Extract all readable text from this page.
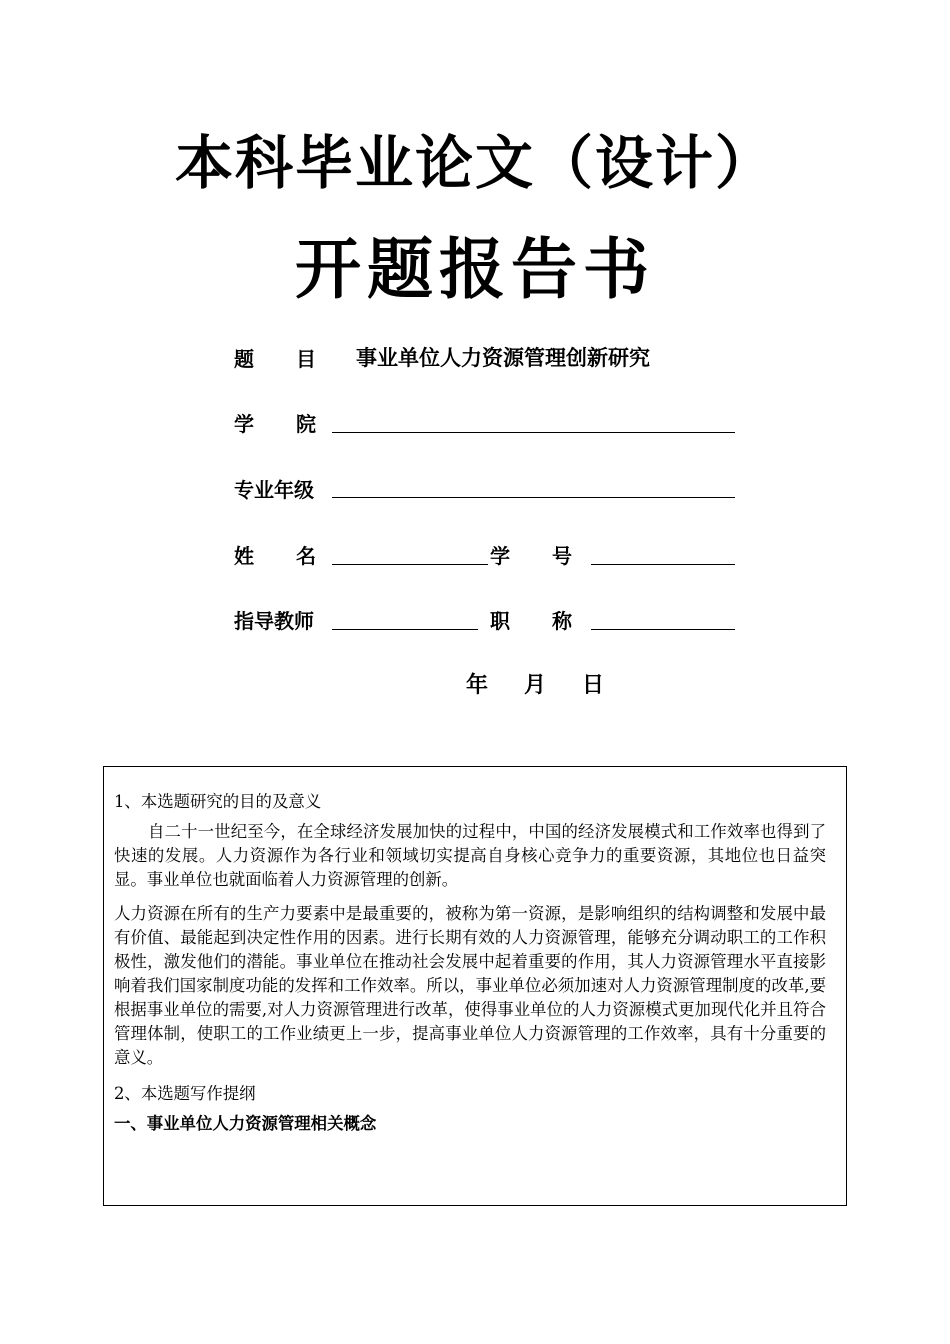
本科毕业论文（设计）
开题报告书
题目
事业单位人力资源管理创新研究
学院
专业年级
姓名	学号
指导教师	职称
年 月 日

1、本选题研究的目的及意义

自二十一世纪至今，在全球经济发展加快的过程中，中国的经济发展模式和工作效率也得到了快速的发展。人力资源作为各行业和领域切实提高自身核心竞争力的重要资源，其地位也日益突显。事业单位也就面临着人力资源管理的创新。

人力资源在所有的生产力要素中是最重要的，被称为第一资源，是影响组织的结构调整和发展中最有价值、最能起到决定性作用的因素。进行长期有效的人力资源管理，能够充分调动职工的工作积极性，激发他们的潜能。事业单位在推动社会发展中起着重要的作用，其人力资源管理水平直接影响着我们国家制度功能的发挥和工作效率。所以，事业单位必须加速对人力资源管理制度的改革,要根据事业单位的需要,对人力资源管理进行改革，使得事业单位的人力资源模式更加现代化并且符合管理体制，使职工的工作业绩更上一步，提高事业单位人力资源管理的工作效率，具有十分重要的意义。

2、本选题写作提纲

一、事业单位人力资源管理相关概念
